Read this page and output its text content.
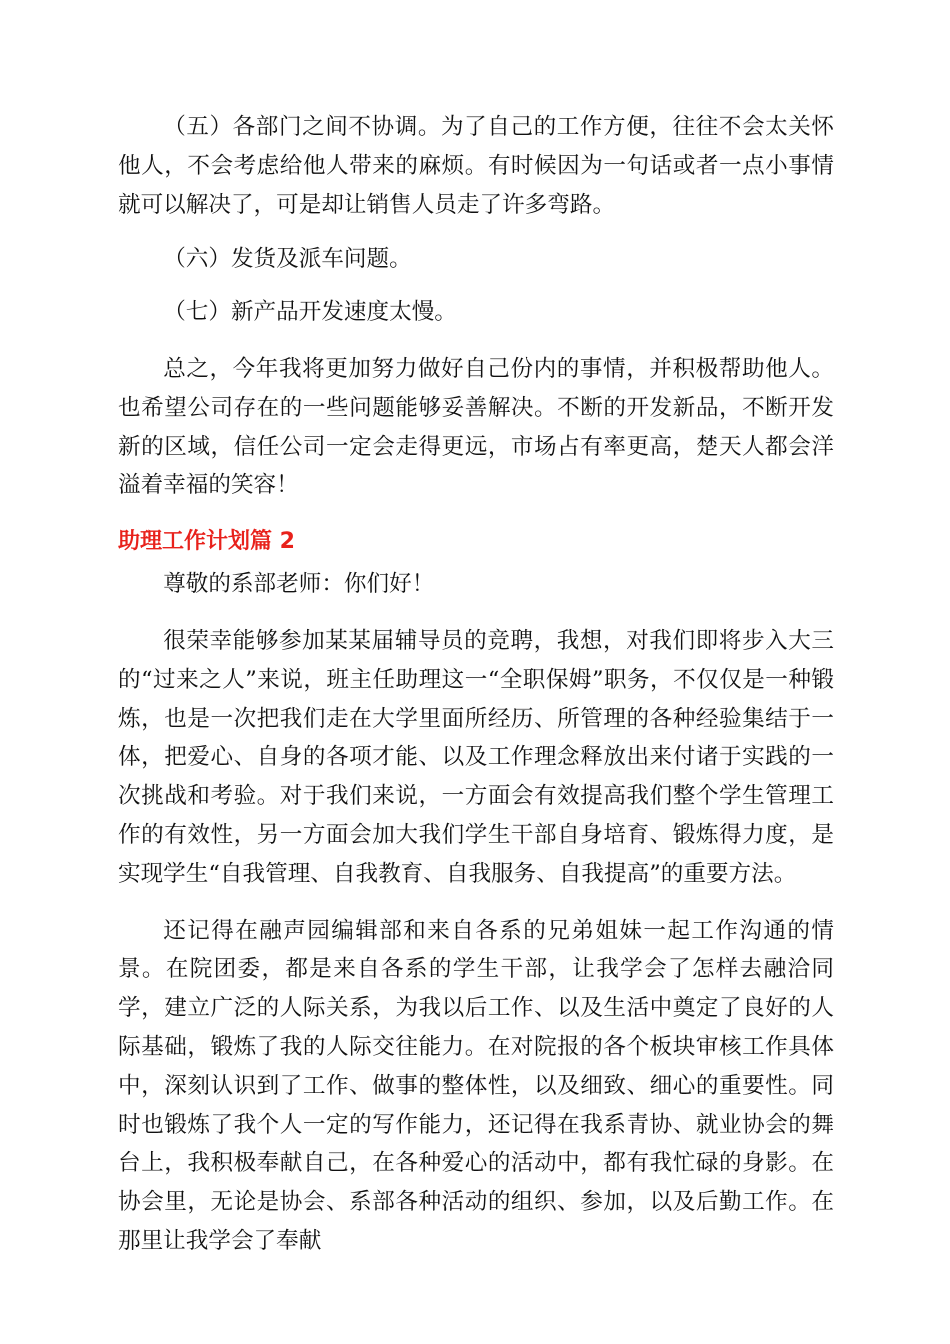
（五）各部门之间不协调。为了自己的工作方便，往往不会太关怀他人，不会考虑给他人带来的麻烦。有时候因为一句话或者一点小事情就可以解决了，可是却让销售人员走了许多弯路。

（六）发货及派车问题。

（七）新产品开发速度太慢。

总之，今年我将更加努力做好自己份内的事情，并积极帮助他人。也希望公司存在的一些问题能够妥善解决。不断的开发新品，不断开发新的区域，信任公司一定会走得更远，市场占有率更高，楚天人都会洋溢着幸福的笑容！

助理工作计划篇 2

尊敬的系部老师：你们好！

很荣幸能够参加某某届辅导员的竞聘，我想，对我们即将步入大三的“过来之人”来说，班主任助理这一“全职保姆”职务，不仅仅是一种锻炼，也是一次把我们走在大学里面所经历、所管理的各种经验集结于一体，把爱心、自身的各项才能、以及工作理念释放出来付诸于实践的一次挑战和考验。对于我们来说，一方面会有效提高我们整个学生管理工作的有效性，另一方面会加大我们学生干部自身培育、锻炼得力度，是实现学生“自我管理、自我教育、自我服务、自我提高”的重要方法。

还记得在融声园编辑部和来自各系的兄弟姐妹一起工作沟通的情景。在院团委，都是来自各系的学生干部，让我学会了怎样去融洽同学，建立广泛的人际关系，为我以后工作、以及生活中奠定了良好的人际基础，锻炼了我的人际交往能力。在对院报的各个板块审核工作具体中，深刻认识到了工作、做事的整体性，以及细致、细心的重要性。同时也锻炼了我个人一定的写作能力，还记得在我系青协、就业协会的舞台上，我积极奉献自己，在各种爱心的活动中，都有我忙碌的身影。在协会里，无论是协会、系部各种活动的组织、参加，以及后勤工作。在那里让我学会了奉献
